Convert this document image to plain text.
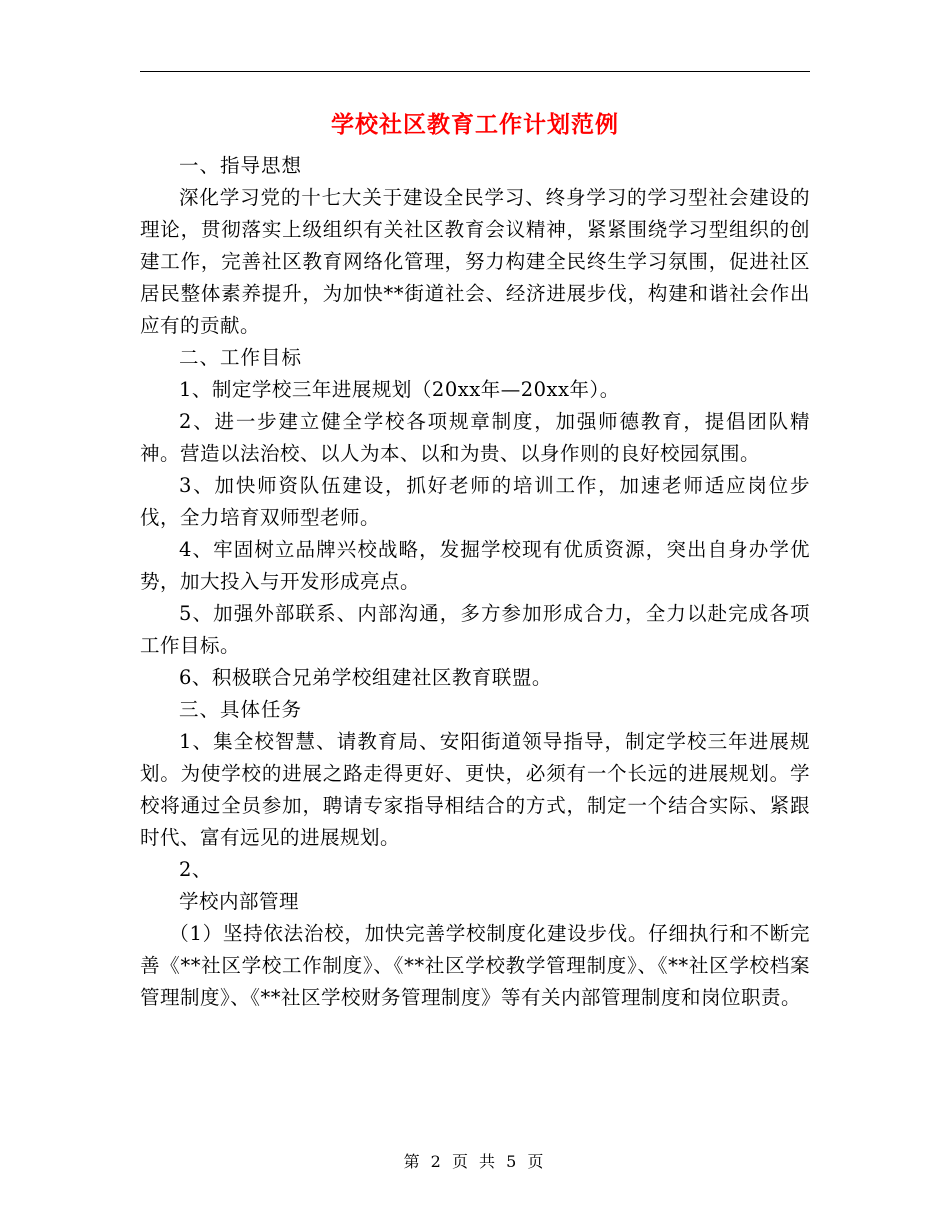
学校社区教育工作计划范例

一、指导思想

深化学习党的十七大关于建设全民学习、终身学习的学习型社会建设的理论，贯彻落实上级组织有关社区教育会议精神，紧紧围绕学习型组织的创建工作，完善社区教育网络化管理，努力构建全民终生学习氛围，促进社区居民整体素养提升，为加快**街道社会、经济进展步伐，构建和谐社会作出应有的贡献。

二、工作目标

1、制定学校三年进展规划（20xx年—20xx年）。

2、进一步建立健全学校各项规章制度，加强师德教育，提倡团队精神。营造以法治校、以人为本、以和为贵、以身作则的良好校园氛围。

3、加快师资队伍建设，抓好老师的培训工作，加速老师适应岗位步伐，全力培育双师型老师。

4、牢固树立品牌兴校战略，发掘学校现有优质资源，突出自身办学优势，加大投入与开发形成亮点。

5、加强外部联系、内部沟通，多方参加形成合力，全力以赴完成各项工作目标。

6、积极联合兄弟学校组建社区教育联盟。

三、具体任务

1、集全校智慧、请教育局、安阳街道领导指导，制定学校三年进展规划。为使学校的进展之路走得更好、更快，必须有一个长远的进展规划。学校将通过全员参加，聘请专家指导相结合的方式，制定一个结合实际、紧跟时代、富有远见的进展规划。

2、

学校内部管理

（1）坚持依法治校，加快完善学校制度化建设步伐。仔细执行和不断完善《**社区学校工作制度》、《**社区学校教学管理制度》、《**社区学校档案管理制度》、《**社区学校财务管理制度》等有关内部管理制度和岗位职责。

第 2 页 共 5 页
